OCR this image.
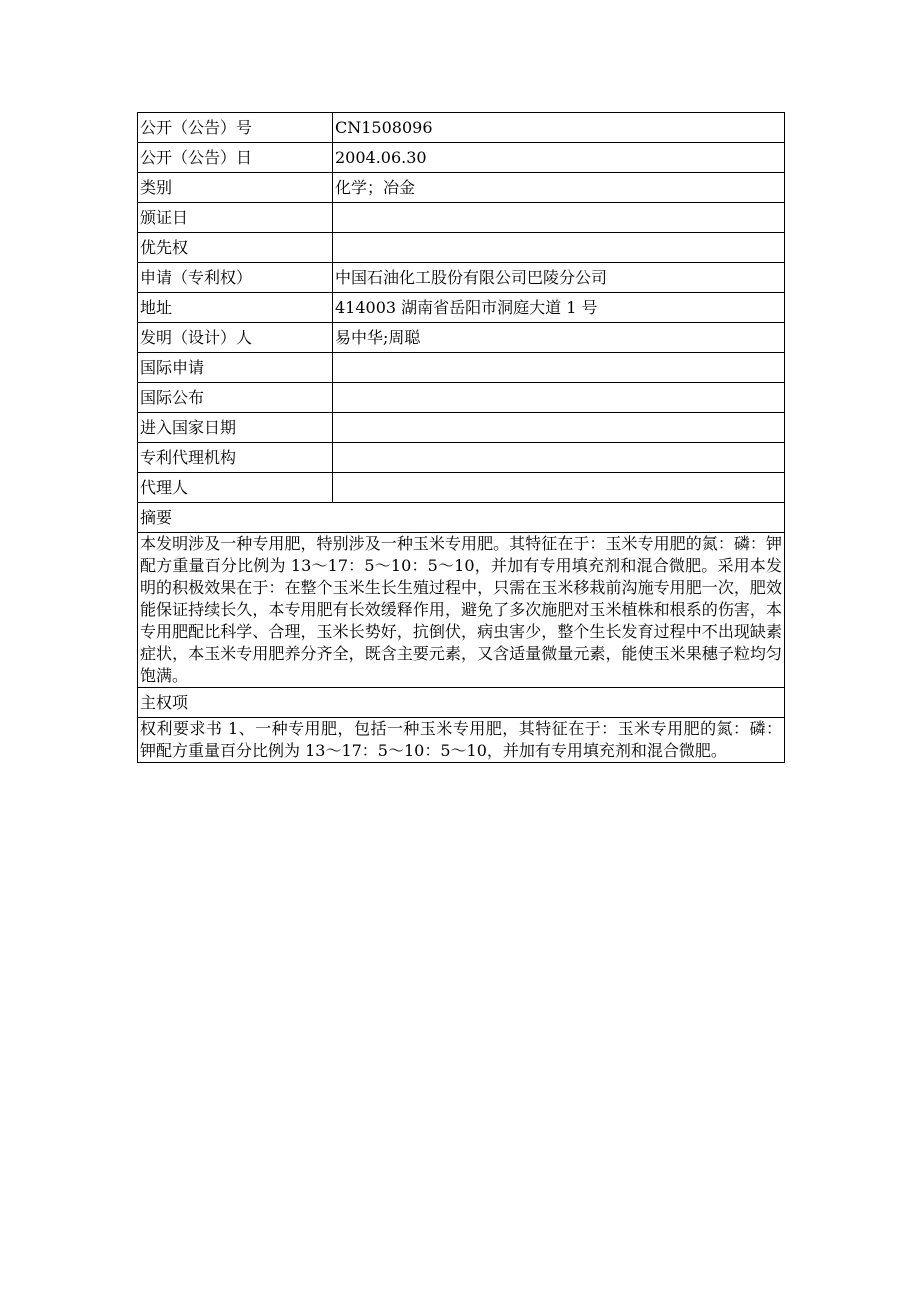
公开（公告）号	CN1508096
公开（公告）日	2004.06.30
类别	化学；冶金
颁证日	
优先权	
申请（专利权）	中国石油化工股份有限公司巴陵分公司
地址	414003 湖南省岳阳市洞庭大道 1 号
发明（设计）人	易中华;周聪
国际申请	
国际公布	
进入国家日期	
专利代理机构	
代理人	
摘要	
本发明涉及一种专用肥，特别涉及一种玉米专用肥。其特征在于：玉米专用肥的氮：磷：钾配方重量百分比例为 13～17：5～10：5～10，并加有专用填充剂和混合微肥。采用本发明的积极效果在于：在整个玉米生长生殖过程中，只需在玉米移栽前沟施专用肥一次，肥效能保证持续长久，本专用肥有长效缓释作用，避免了多次施肥对玉米植株和根系的伤害，本专用肥配比科学、合理，玉米长势好，抗倒伏，病虫害少，整个生长发育过程中不出现缺素症状，本玉米专用肥养分齐全，既含主要元素，又含适量微量元素，能使玉米果穗子粒均匀饱满。	
主权项	
权利要求书 1、一种专用肥，包括一种玉米专用肥，其特征在于：玉米专用肥的氮：磷： 钾配方重量百分比例为 13～17：5～10：5～10，并加有专用填充剂和混合微肥。	
